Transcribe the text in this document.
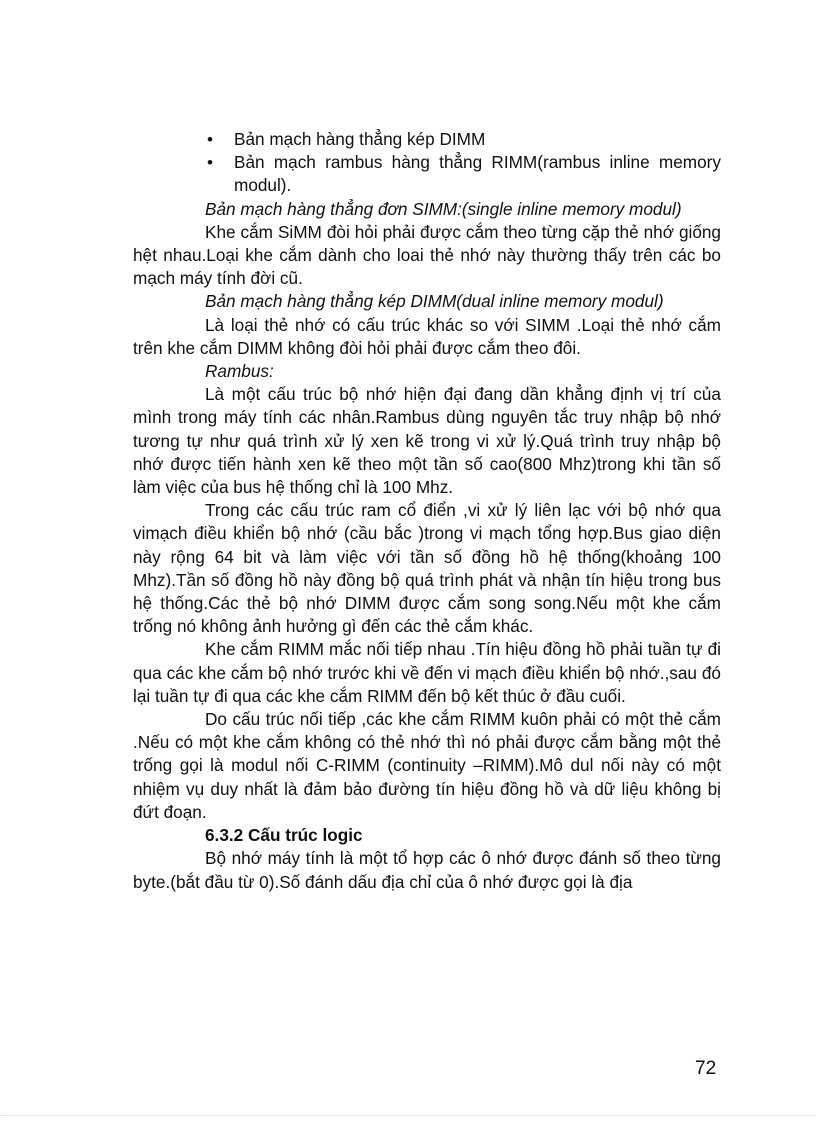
• Bản mạch hàng thẳng kép DIMM
• Bản mạch rambus hàng thẳng RIMM(rambus inline memory modul).

Bản mạch hàng thẳng đơn SIMM:(single inline memory modul)

Khe cắm SiMM đòi hỏi phải được cắm theo từng cặp thẻ nhớ giống hệt nhau.Loại khe cắm dành cho loai thẻ nhớ này thường thấy trên các bo mạch máy tính đời cũ.

Bản mạch hàng thẳng kép DIMM(dual inline memory modul)

Là loại thẻ nhớ có cấu trúc khác so với SIMM .Loại thẻ nhớ cắm trên khe cắm DIMM không đòi hỏi phải được cắm theo đôi.

Rambus:

Là một cấu trúc bộ nhớ hiện đại đang dần khẳng định vị trí của mình trong máy tính các nhân.Rambus dùng nguyên tắc truy nhập bộ nhớ tương tự như quá trình xử lý xen kẽ trong vi xử lý.Quá trình truy nhập bộ nhớ được tiến hành xen kẽ theo một tần số cao(800 Mhz)trong khi tần số làm việc của bus hệ thống chỉ là 100 Mhz.

Trong các cấu trúc ram cổ điển ,vi xử lý liên lạc với bộ nhớ qua vimạch điều khiển bộ nhớ (cầu bắc )trong vi mạch tổng hợp.Bus giao diện này rộng 64 bit và làm việc với tần số đồng hồ hệ thống(khoảng 100 Mhz).Tần số đồng hồ này đồng bộ quá trình phát và nhận tín hiệu trong bus hệ thống.Các thẻ bộ nhớ DIMM được cắm song song.Nếu một khe cắm trống nó không ảnh hưởng gì đến các thẻ cắm khác.

Khe cắm RIMM mắc nối tiếp nhau .Tín hiệu đồng hồ phải tuần tự đi qua các khe cắm bộ nhớ trước khi về đến vi mạch điều khiển bộ nhớ.,sau đó lại tuần tự đi qua các khe cắm RIMM đến bộ kết thúc ở đầu cuối.

Do cấu trúc nối tiếp ,các khe cắm RIMM kuôn phải có một thẻ cắm .Nếu có một khe cắm không có thẻ nhớ thì nó phải được cắm bằng một thẻ trống gọi là modul nối C-RIMM (continuity –RIMM).Mô dul nối này có một nhiệm vụ duy nhất là đảm bảo đường tín hiệu đồng hồ và dữ liệu không bị đứt đoạn.

6.3.2 Cấu trúc logic

Bộ nhớ máy tính là một tổ hợp các ô nhớ được đánh số theo từng byte.(bắt đầu từ 0).Số đánh dấu địa chỉ của ô nhớ được gọi là địa

72
